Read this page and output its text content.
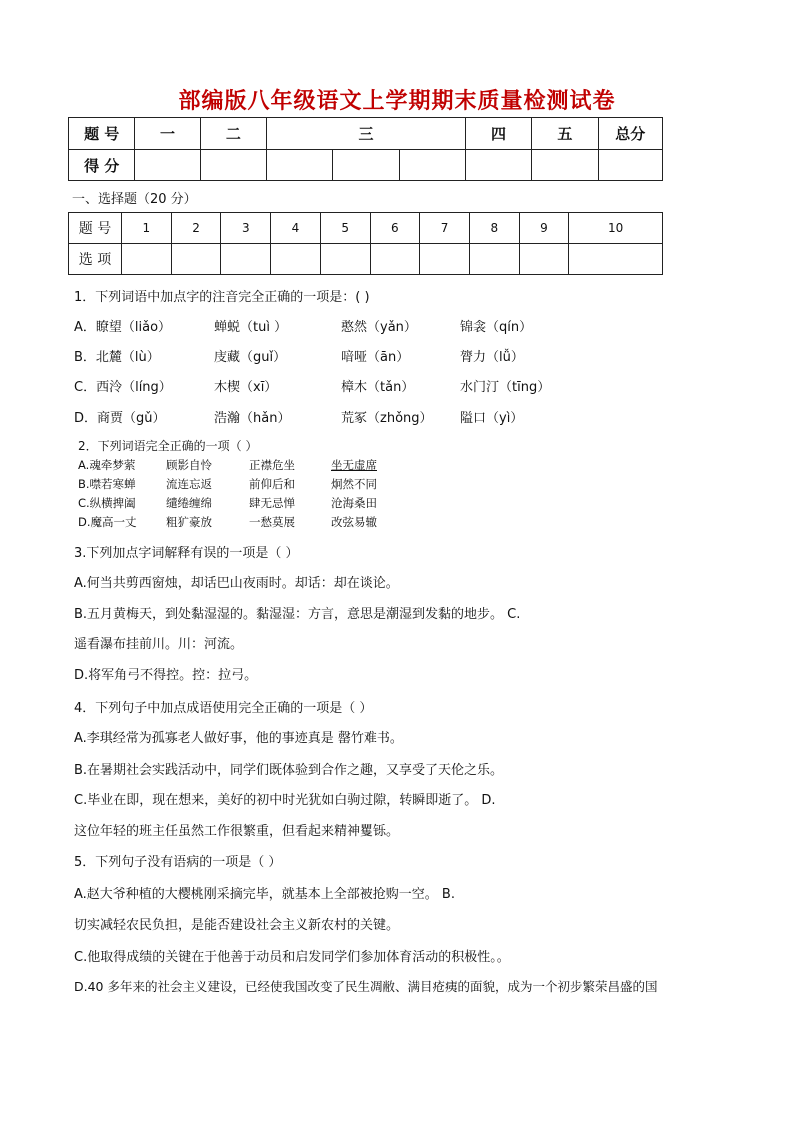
部编版八年级语文上学期期末质量检测试卷
题 号	一	二	三			四	五	总分
得 分								
一、选择题（20 分）
题 号	1	2	3	4	5	6	7	8	9	10
选 项										
1．下列词语中加点字的注音完全正确的一项是：( )
A．瞭望（liǎo）	蝉蜕（tuì ）	憨然（yǎn）	锦衾（qín）
B．北麓（lù）	庋藏（guǐ）	喑哑（ān）	膂力（lǚ）
C．西泠（líng）	木楔（xī）	樟木（tǎn）	水门汀（tīng）
D．商贾（gǔ）	浩瀚（hǎn）	荒冢（zhǒng） 隘口（yì）
2．下列词语完全正确的一项（ ）
A.魂牵梦萦	顾影自怜	正襟危坐	坐无虚席
B.噤若寒蝉	流连忘返	前仰后和	炯然不同
C.纵横捭阖	缱绻缠绵	肆无忌惮	沧海桑田
D.魔高一丈	粗犷豪放	一愁莫展	改弦易辙
3.下列加点字词解释有误的一项是（ ）
A.何当共剪西窗烛，却话巴山夜雨时。却话：却在谈论。
B.五月黄梅天，到处黏湿湿的。黏湿湿：方言，意思是潮湿到发黏的地步。 C.
遥看瀑布挂前川。川：河流。
D.将军角弓不得控。控：拉弓。
4．下列句子中加点成语使用完全正确的一项是（ ）
A.李琪经常为孤寡老人做好事，他的事迹真是 罄竹难书。
B.在暑期社会实践活动中，同学们既体验到合作之趣，又享受了天伦之乐。
C.毕业在即，现在想来，美好的初中时光犹如白驹过隙，转瞬即逝了。 D.
这位年轻的班主任虽然工作很繁重，但看起来精神矍铄。
5．下列句子没有语病的一项是（ ）
A.赵大爷种植的大樱桃刚采摘完毕，就基本上全部被抢购一空。 B.
切实减轻农民负担，是能否建设社会主义新农村的关键。
C.他取得成绩的关键在于他善于动员和启发同学们参加体育活动的积极性。。
D.40 多年来的社会主义建设，已经使我国改变了民生凋敝、满目疮痍的面貌，成为一个初步繁荣昌盛的国
